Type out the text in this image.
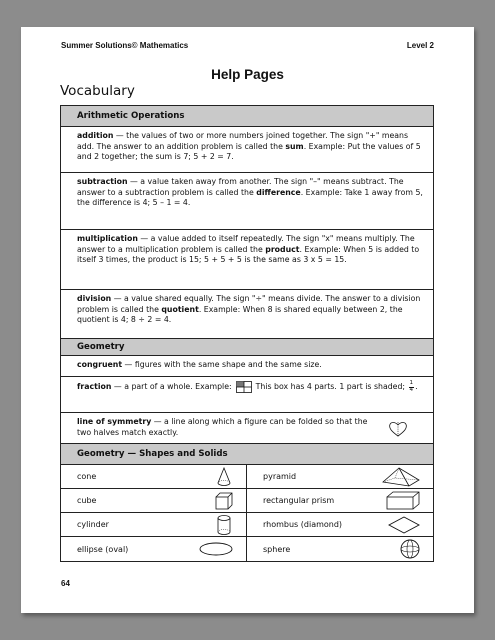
Summer Solutions© Mathematics	Level 2
Help Pages
Vocabulary
Arithmetic Operations
addition — the values of two or more numbers joined together. The sign "+" means add. The answer to an addition problem is called the sum. Example: Put the values of 5 and 2 together; the sum is 7; 5 + 2 = 7.
subtraction — a value taken away from another. The sign "–" means subtract. The answer to a subtraction problem is called the difference. Example: Take 1 away from 5, the difference is 4; 5 – 1 = 4.
multiplication — a value added to itself repeatedly. The sign "x" means multiply. The answer to a multiplication problem is called the product. Example: When 5 is added to itself 3 times, the product is 15; 5 + 5 + 5 is the same as 3 x 5 = 15.
division — a value shared equally. The sign "÷" means divide. The answer to a division problem is called the quotient. Example: When 8 is shared equally between 2, the quotient is 4; 8 ÷ 2 = 4.
Geometry
congruent — figures with the same shape and the same size.
fraction — a part of a whole. Example:	This box has 4 parts. 1 part is shaded; $\frac{1}{4}$ .
line of symmetry — a line along which a figure can be folded so that the two halves match exactly.
Geometry — Shapes and Solids
cone	pyramid
cube	rectangular prism
cylinder	rhombus (diamond)
ellipse (oval)	sphere
64
